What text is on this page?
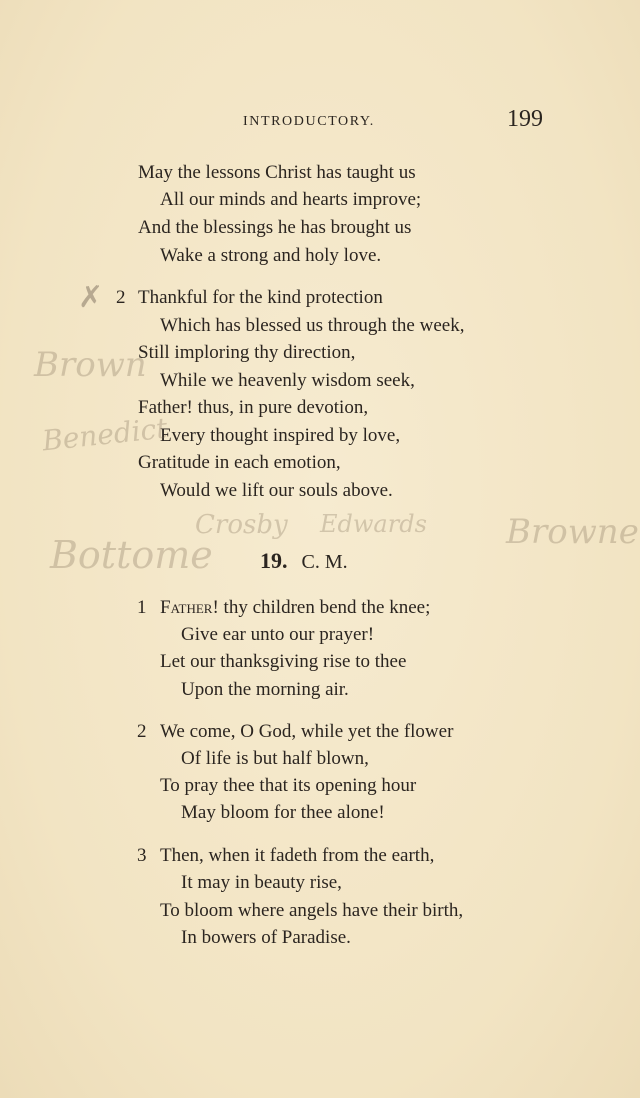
INTRODUCTORY.	199
May the lessons Christ has taught us
All our minds and hearts improve;
And the blessings he has brought us
Wake a strong and holy love.
✗ 2 Thankful for the kind protection
Which has blessed us through the week,
Still imploring thy direction,
While we heavenly wisdom seek,
Father! thus, in pure devotion,
Every thought inspired by love,
Gratitude in each emotion,
Would we lift our souls above.
Brown
Benedict
Crosby Edwards
Bottome
Browne
19. C. M.
1 Father! thy children bend the knee;
Give ear unto our prayer!
Let our thanksgiving rise to thee
Upon the morning air.
2 We come, O God, while yet the flower
Of life is but half blown,
To pray thee that its opening hour
May bloom for thee alone!
3 Then, when it fadeth from the earth,
It may in beauty rise,
To bloom where angels have their birth,
In bowers of Paradise.
